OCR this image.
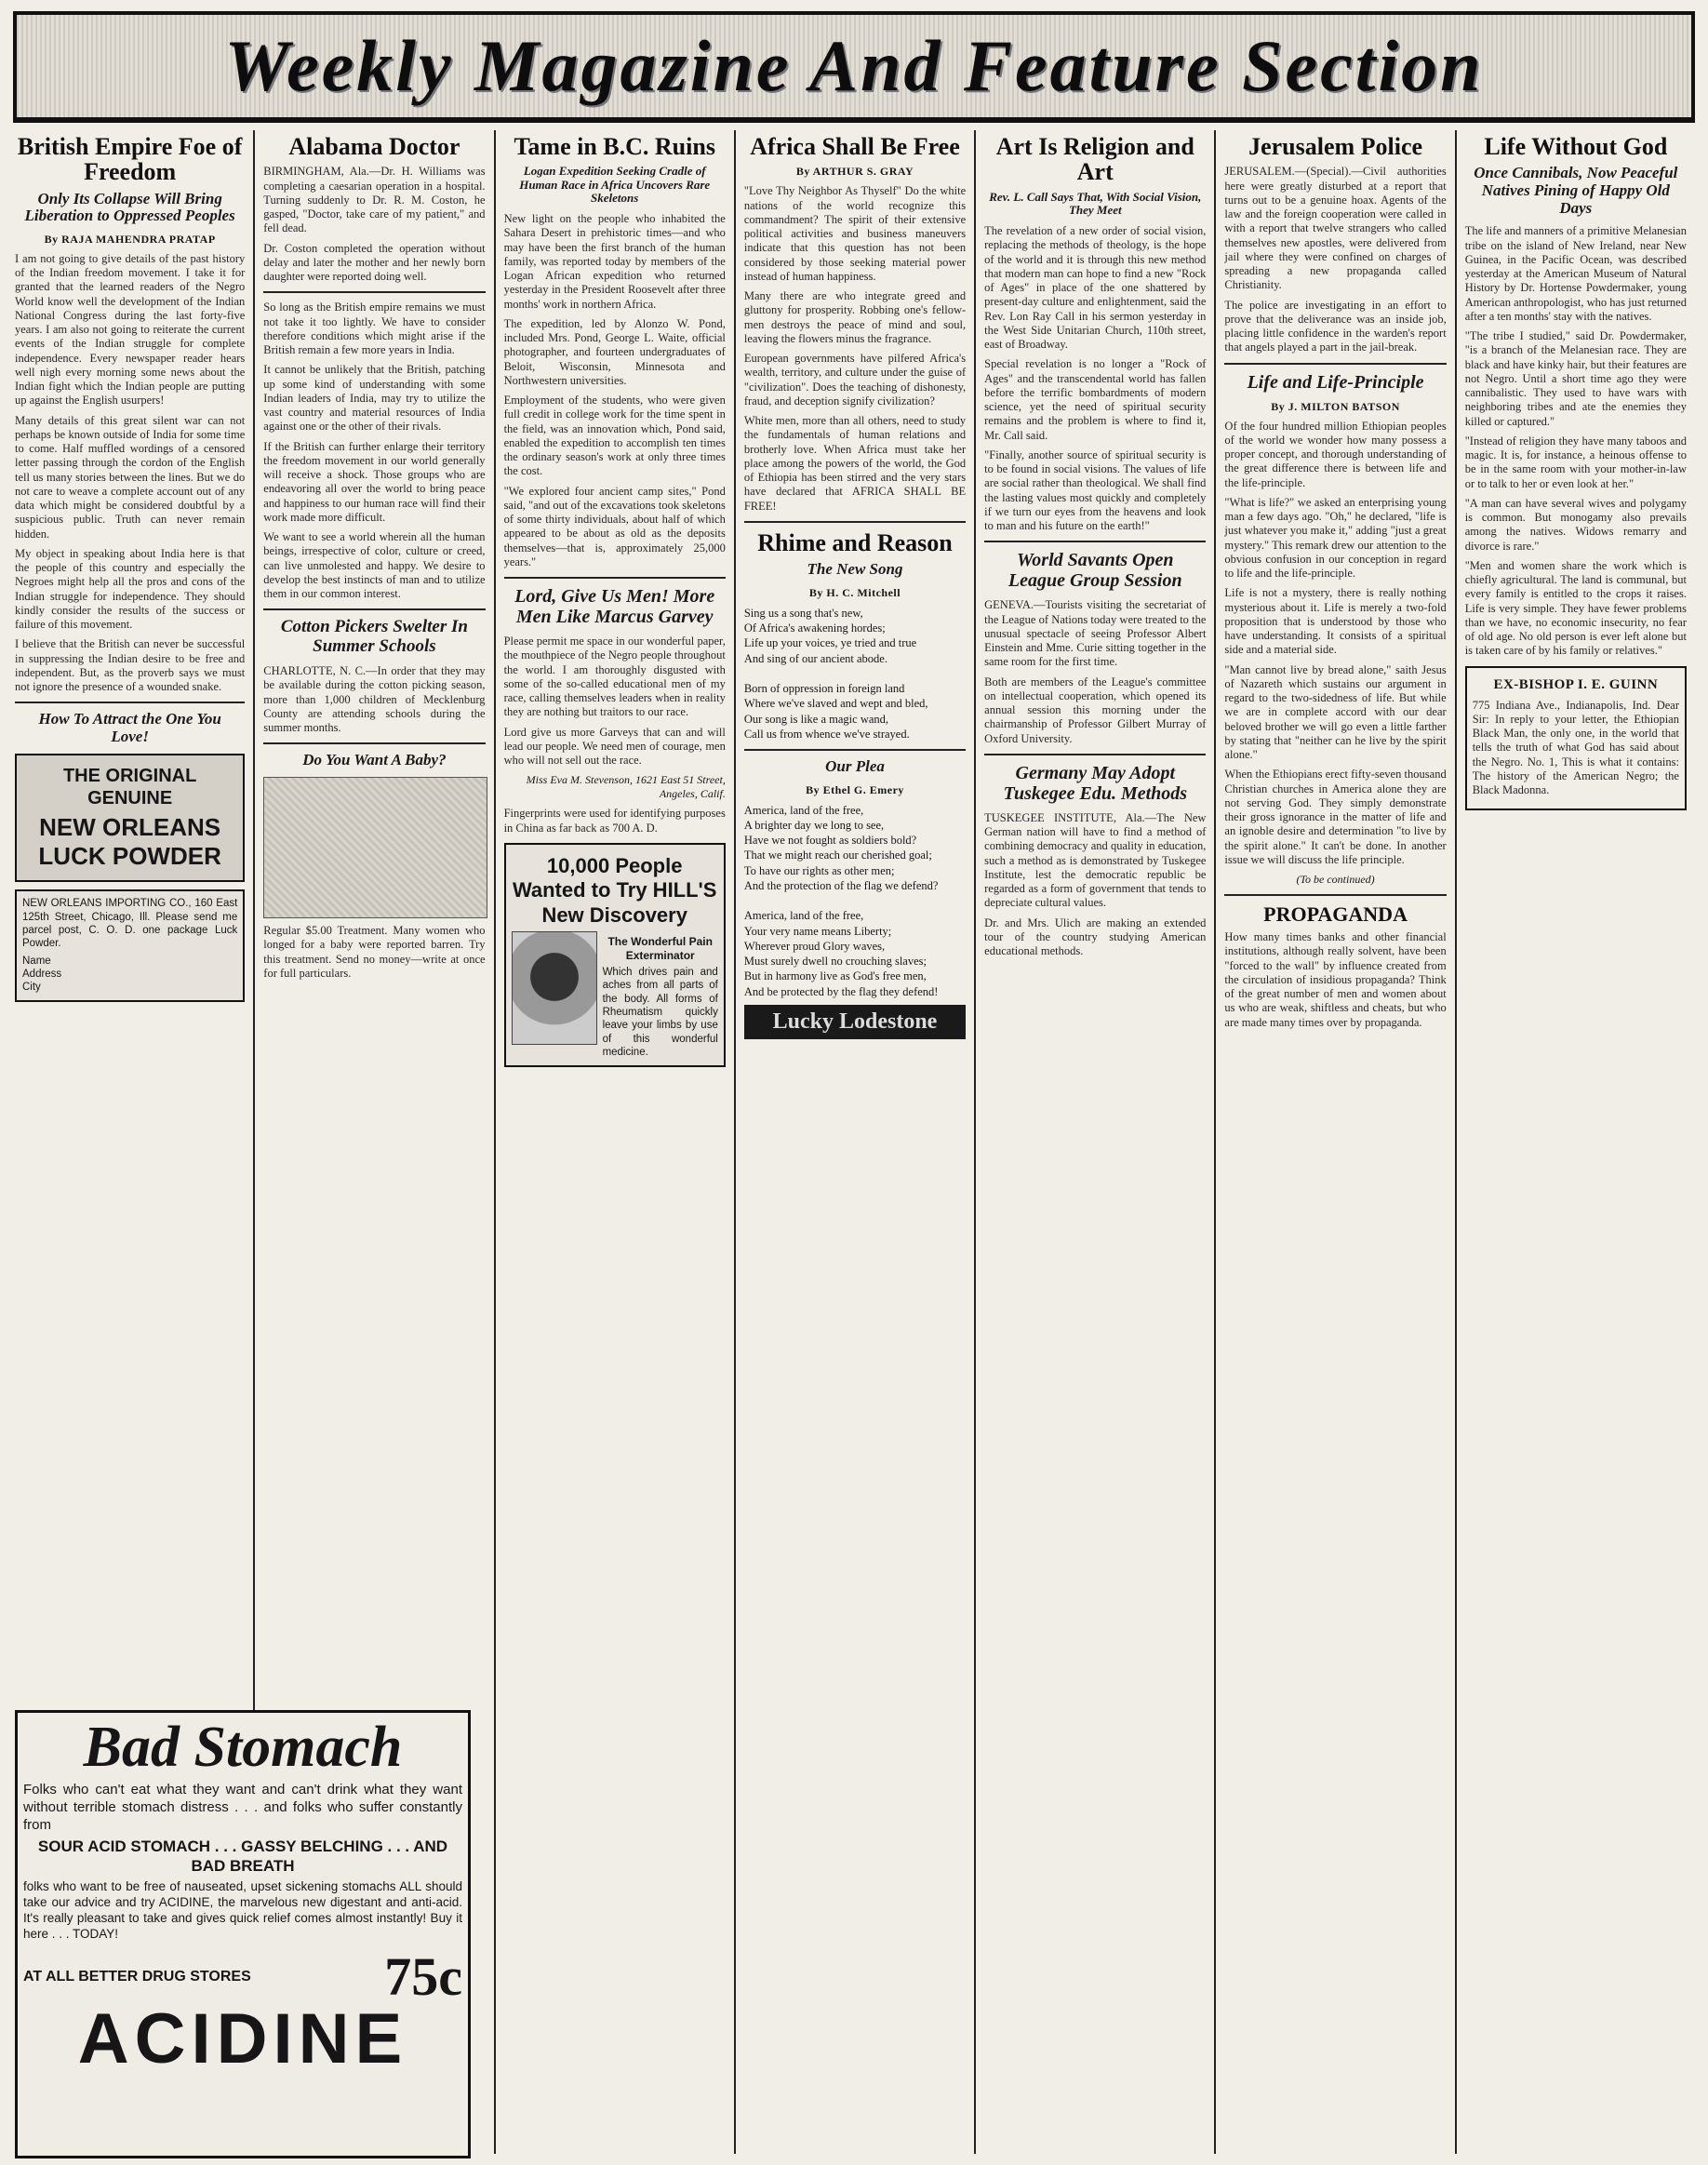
Weekly Magazine And Feature Section
British Empire Foe of Freedom
Only Its Collapse Will Bring Liberation to Oppressed Peoples
By RAJA MAHENDRA PRATAP

I am not going to give details of the past history of the Indian freedom movement. I take it for granted that the learned readers of the Negro World know well the development of the Indian National Congress during the last forty-five years. I am also not going to reiterate the current events of the Indian struggle for complete independence. Every newspaper reader hears well nigh every morning some news about the Indian fight which the Indian people are putting up against the English usurpers!

Many details of this great silent war can not perhaps be known outside of India for some time to come. Half muffled wordings of a censored letter passing through the cordon of the English tell us many stories between the lines. But we do not care to weave a complete account out of any data which might be considered doubtful by a suspicious public. Truth can never remain hidden.

My object in speaking about India here is that the people of this country and especially the Negroes might help all the pros and cons of the Indian struggle for independence. They should kindly consider the results of the success or failure of this movement.

I believe that the British can never be successful in suppressing the Indian desire to be free and independent. But, as the proverb says we must not ignore the presence of a wounded snake.

How To Attract the One You Love!
THE ORIGINAL GENUINE
NEW ORLEANS LUCK POWDER
NEW ORLEANS IMPORTING CO., 160 East 125th Street, Chicago, Ill. Please send me parcel post, C. O. D. one package Luck Powder.
Name
Address
City
Alabama Doctor

BIRMINGHAM, Ala.—Dr. H. Williams was completing a caesarian operation in a hospital. Turning suddenly to Dr. R. M. Coston, he gasped, "Doctor, take care of my patient," and fell dead.

Dr. Coston completed the operation without delay and later the mother and her newly born daughter were reported doing well.

So long as the British empire remains we must not take it too lightly. We have to consider therefore conditions which might arise if the British remain a few more years in India.

It cannot be unlikely that the British, patching up some kind of understanding with some Indian leaders of India, may try to utilize the vast country and material resources of India against one or the other of their rivals.

If the British can further enlarge their territory the freedom movement in our world generally will receive a shock. Those groups who are endeavoring all over the world to bring peace and happiness to our human race will find their work made more difficult.

We want to see a world wherein all the human beings, irrespective of color, culture or creed, can live unmolested and happy. We desire to develop the best instincts of man and to utilize them in our common interest.

Cotton Pickers Swelter In Summer Schools

CHARLOTTE, N. C.—In order that they may be available during the cotton picking season, more than 1,000 children of Mecklenburg County are attending schools during the summer months.

Do You Want A Baby?

Regular $5.00 Treatment. Many women who longed for a baby were reported barren. Try this treatment. Send no money—write at once for full particulars.

Tame in B.C. Ruins
Logan Expedition Seeking Cradle of Human Race in Africa Uncovers Rare Skeletons

New light on the people who inhabited the Sahara Desert in prehistoric times—and who may have been the first branch of the human family, was reported today by members of the Logan African expedition who returned yesterday in the President Roosevelt after three months' work in northern Africa.

The expedition, led by Alonzo W. Pond, included Mrs. Pond, George L. Waite, official photographer, and fourteen undergraduates of Beloit, Wisconsin, Minnesota and Northwestern universities.

Employment of the students, who were given full credit in college work for the time spent in the field, was an innovation which, Pond said, enabled the expedition to accomplish ten times the ordinary season's work at only three times the cost.

"We explored four ancient camp sites," Pond said, "and out of the excavations took skeletons of some thirty individuals, about half of which appeared to be about as old as the deposits themselves—that is, approximately 25,000 years."

Lord, Give Us Men! More Men Like Marcus Garvey

Please permit me space in our wonderful paper, the mouthpiece of the Negro people throughout the world. I am thoroughly disgusted with some of the so-called educational men of my race, calling themselves leaders when in reality they are nothing but traitors to our race.

Lord give us more Garveys that can and will lead our people. We need men of courage, men who will not sell out the race.

Miss Eva M. Stevenson, 1621 East 51 Street, Angeles, Calif.

Fingerprints were used for identifying purposes in China as far back as 700 A. D.

10,000 People Wanted to Try HILL'S New Discovery
The Wonderful Pain Exterminator
Which drives pain and aches from all parts of the body. All forms of Rheumatism quickly leave your limbs by use of this wonderful medicine.
Africa Shall Be Free
By ARTHUR S. GRAY

"Love Thy Neighbor As Thyself" Do the white nations of the world recognize this commandment? The spirit of their extensive political activities and business maneuvers indicate that this question has not been considered by those seeking material power instead of human happiness.

Many there are who integrate greed and gluttony for prosperity. Robbing one's fellow-men destroys the peace of mind and soul, leaving the flowers minus the fragrance.

European governments have pilfered Africa's wealth, territory, and culture under the guise of "civilization". Does the teaching of dishonesty, fraud, and deception signify civilization?

White men, more than all others, need to study the fundamentals of human relations and brotherly love. When Africa must take her place among the powers of the world, the God of Ethiopia has been stirred and the very stars have declared that AFRICA SHALL BE FREE!

Rhime and Reason
The New Song
By H. C. Mitchell
Sing us a song that's new,
Of Africa's awakening hordes;
Life up your voices, ye tried and true
And sing of our ancient abode.

Born of oppression in foreign land
Where we've slaved and wept and bled,
Our song is like a magic wand,
Call us from whence we've strayed.
Our Plea
By Ethel G. Emery
America, land of the free,
A brighter day we long to see,
Have we not fought as soldiers bold?
That we might reach our cherished goal;
To have our rights as other men;
And the protection of the flag we defend?

America, land of the free,
Your very name means Liberty;
Wherever proud Glory waves,
Must surely dwell no crouching slaves;
But in harmony live as God's free men,
And be protected by the flag they defend!
Lucky Lodestone
Art Is Religion and Art
Rev. L. Call Says That, With Social Vision, They Meet

The revelation of a new order of social vision, replacing the methods of theology, is the hope of the world and it is through this new method that modern man can hope to find a new "Rock of Ages" in place of the one shattered by present-day culture and enlightenment, said the Rev. Lon Ray Call in his sermon yesterday in the West Side Unitarian Church, 110th street, east of Broadway.

Special revelation is no longer a "Rock of Ages" and the transcendental world has fallen before the terrific bombardments of modern science, yet the need of spiritual security remains and the problem is where to find it, Mr. Call said.

"Finally, another source of spiritual security is to be found in social visions. The values of life are social rather than theological. We shall find the lasting values most quickly and completely if we turn our eyes from the heavens and look to man and his future on the earth!"

World Savants Open League Group Session

GENEVA.—Tourists visiting the secretariat of the League of Nations today were treated to the unusual spectacle of seeing Professor Albert Einstein and Mme. Curie sitting together in the same room for the first time.

Both are members of the League's committee on intellectual cooperation, which opened its annual session this morning under the chairmanship of Professor Gilbert Murray of Oxford University.

Germany May Adopt Tuskegee Edu. Methods

TUSKEGEE INSTITUTE, Ala.—The New German nation will have to find a method of combining democracy and quality in education, such a method as is demonstrated by Tuskegee Institute, lest the democratic republic be regarded as a form of government that tends to depreciate cultural values.

Dr. and Mrs. Ulich are making an extended tour of the country studying American educational methods.

Jerusalem Police

JERUSALEM.—(Special).—Civil authorities here were greatly disturbed at a report that turns out to be a genuine hoax. Agents of the law and the foreign cooperation were called in with a report that twelve strangers who called themselves new apostles, were delivered from jail where they were confined on charges of spreading a new propaganda called Christianity.

The police are investigating in an effort to prove that the deliverance was an inside job, placing little confidence in the warden's report that angels played a part in the jail-break.

Life and Life-Principle
By J. MILTON BATSON

Of the four hundred million Ethiopian peoples of the world we wonder how many possess a proper concept, and thorough understanding of the great difference there is between life and the life-principle.

"What is life?" we asked an enterprising young man a few days ago. "Oh," he declared, "life is just whatever you make it," adding "just a great mystery." This remark drew our attention to the obvious confusion in our conception in regard to life and the life-principle.

Life is not a mystery, there is really nothing mysterious about it. Life is merely a two-fold proposition that is understood by those who have understanding. It consists of a spiritual side and a material side.

"Man cannot live by bread alone," saith Jesus of Nazareth which sustains our argument in regard to the two-sidedness of life. But while we are in complete accord with our dear beloved brother we will go even a little farther by stating that "neither can he live by the spirit alone."

When the Ethiopians erect fifty-seven thousand Christian churches in America alone they are not serving God. They simply demonstrate their gross ignorance in the matter of life and an ignoble desire and determination "to live by the spirit alone." It can't be done. In another issue we will discuss the life principle.

(To be continued)
PROPAGANDA

How many times banks and other financial institutions, although really solvent, have been "forced to the wall" by influence created from the circulation of insidious propaganda? Think of the great number of men and women about us who are weak, shiftless and cheats, but who are made many times over by propaganda.

Life Without God
Once Cannibals, Now Peaceful Natives Pining of Happy Old Days

The life and manners of a primitive Melanesian tribe on the island of New Ireland, near New Guinea, in the Pacific Ocean, was described yesterday at the American Museum of Natural History by Dr. Hortense Powdermaker, young American anthropologist, who has just returned after a ten months' stay with the natives.

"The tribe I studied," said Dr. Powdermaker, "is a branch of the Melanesian race. They are black and have kinky hair, but their features are not Negro. Until a short time ago they were cannibalistic. They used to have wars with neighboring tribes and ate the enemies they killed or captured."

"Instead of religion they have many taboos and magic. It is, for instance, a heinous offense to be in the same room with your mother-in-law or to talk to her or even look at her."

"A man can have several wives and polygamy is common. But monogamy also prevails among the natives. Widows remarry and divorce is rare."

"Men and women share the work which is chiefly agricultural. The land is communal, but every family is entitled to the crops it raises. Life is very simple. They have fewer problems than we have, no economic insecurity, no fear of old age. No old person is ever left alone but is taken care of by his family or relatives."

EX-BISHOP I. E. GUINN

775 Indiana Ave., Indianapolis, Ind. Dear Sir: In reply to your letter, the Ethiopian Black Man, the only one, in the world that tells the truth of what God has said about the Negro. No. 1, This is what it contains: The history of the American Negro; the Black Madonna.

Bad Stomach
Folks who can't eat what they want and can't drink what they want without terrible stomach distress . . . and folks who suffer constantly from
SOUR ACID STOMACH . . . GASSY BELCHING . . . AND BAD BREATH
folks who want to be free of nauseated, upset sickening stomachs ALL should take our advice and try ACIDINE, the marvelous new digestant and anti-acid. It's really pleasant to take and gives quick relief comes almost instantly! Buy it here . . . TODAY!
AT ALL BETTER DRUG STORES 75c
ACIDINE
